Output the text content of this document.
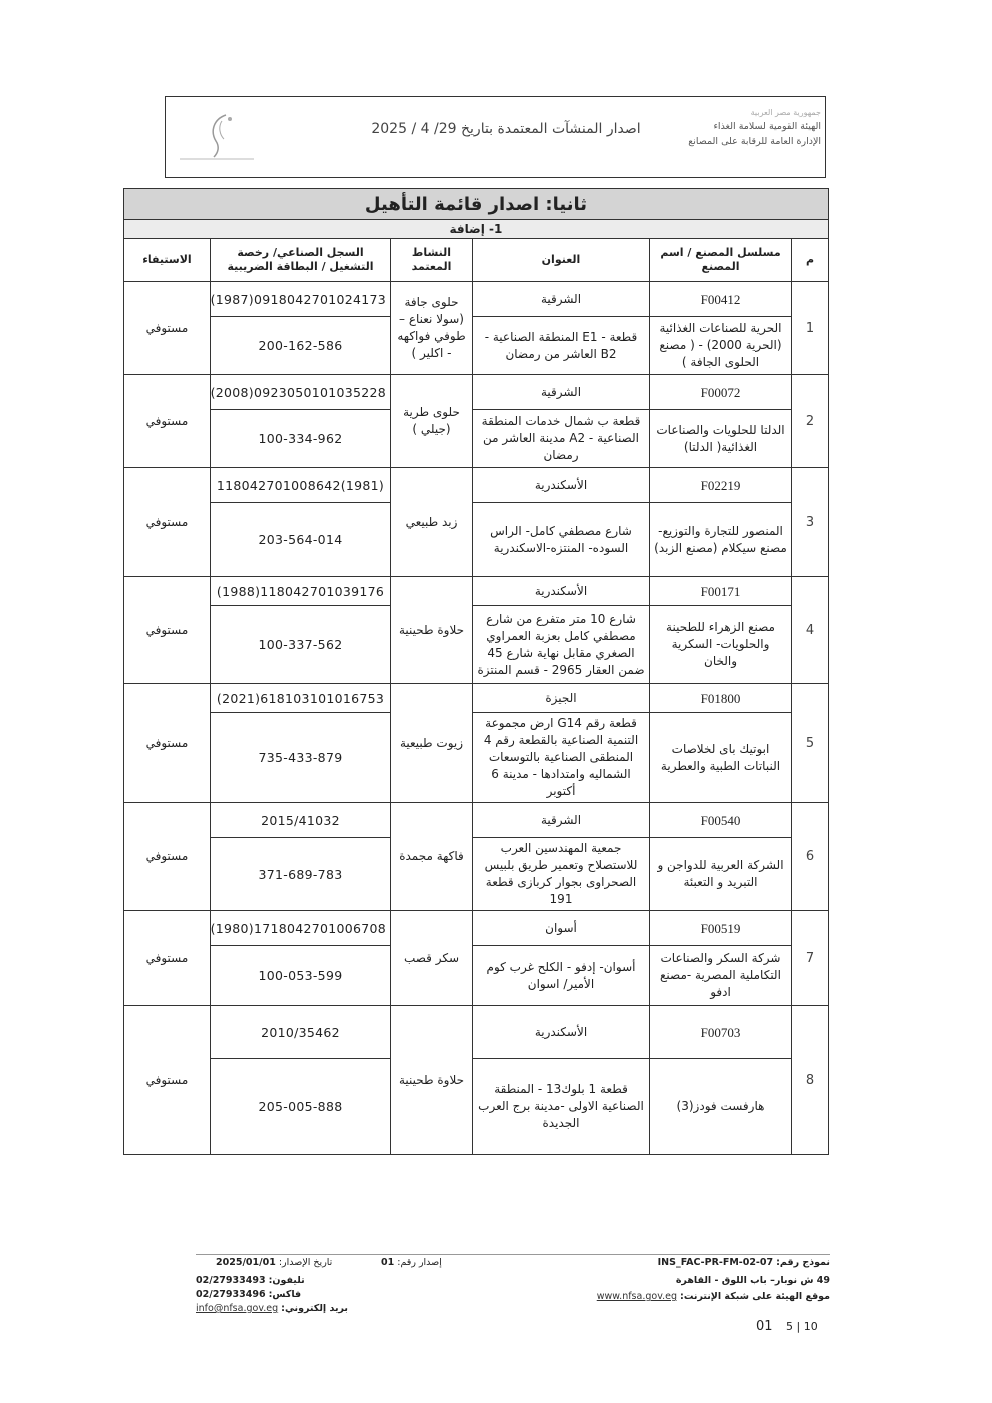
جمهورية مصر العربية
الهيئة القومية لسلامة الغذاء
الإدارة العامة للرقابة على المصانع
اصدار المنشآت المعتمدة بتاريخ 29/ 4 / 2025
ثانيا: اصدار قائمة التأهيل					
1- إضافة					
م	مسلسل المصنع / اسم المصنع	العنوان	النشاط المعتمد	السجل الصناعي/ رخصة التشغيل / البطاقة الضريبية	الاستيفاء
1	F00412	الشرقية	حلوى جافة (سولا نعناع – طوفي فواكهه - اكلير )	0918042701024173(1987)	مستوفي
	الحرية للصناعات الغذائية (الحرية 2000) - ( مصنع الحلوى الجافة )	قطعة - E1 المنطقة الصناعية - B2 العاشر من رمضان		200-162-586	
2	F00072	الشرقية	حلوى طرية (جيلي )	0923050101035228(2008)	مستوفي
	الدلتا للحلويات والصناعات الغذائية( الدلتا)	قطعة ب شمال خدمات المنطقة الصناعية - A2 مدينة العاشر من رمضان		100-334-962	
3	F02219	الأسكندرية	زبد طبيعي	(1981)118042701008642	مستوفي
	المنصور للتجارة والتوزيع- مصنع سيكلام (مصنع الزبد)	شارع مصطفي كامل- الراس السوده- المنتزه-الاسكندرية		203-564-014	
4	F00171	الأسكندرية	حلاوة طحينية	118042701039176(1988)	مستوفي
	مصنع الزهراء للطحينة والحلويات- السكرية والخان	شارع 10 متر متفرع من شارع مصطفي كامل بعزبة العمراوي الصغري مقابل نهاية شارع 45 ضمن العقار 2965 - قسم المنتزة		100-337-562	
5	F01800	الجيزة	زيوت طبيعية	618103101016753(2021)	مستوفي
	ابوتيك باى لخلاصات النباتات الطبية والعطرية	قطعة رقم G14 ارض مجموعة التنمية الصناعية بالقطعة رقم 4 المنطقى الصناعية بالتوسعات الشماليه وامتدادها - مدينة 6 أكتوبر		735-433-879	
6	F00540	الشرقية	فاكهة مجمدة	2015/41032	مستوفي
	الشركة العربية للدواجن و التبريد و التعبئة	جمعية المهندسين العرب للاستصلاح وتعمير طريق بلبيس الصحراوى بجوار كربازى قطعة 191		371-689-783	
7	F00519	أسوان	سكر قصب	1718042701006708(1980)	مستوفي
	شركة السكر والصناعات التكاملية المصرية -مصنع ادفو	أسوان- إدفو - الكلح غرب كوم الأمير/ اسوان		100-053-599	
8	F00703	الأسكندرية	حلاوة طحينية	2010/35462	مستوفي
	هارفست فودز(3)	قطعة 1 بلوك13 - المنطقة الصناعية الاولى -مدينة برج العرب الجديدة		205-005-888	
نموذج رقم: INS_FAC-PR-FM-02-07
إصدار رقم: 01
تاريخ الإصدار: 2025/01/01
49 ش نوبار– باب اللوق - القاهرة
موقع الهيئة على شبكة الإنترنت: www.nfsa.gov.eg
تليفون: 02/27933493
فاكس: 02/27933496
بريد إلكتروني: info@nfsa.gov.eg
01 5 | 10
